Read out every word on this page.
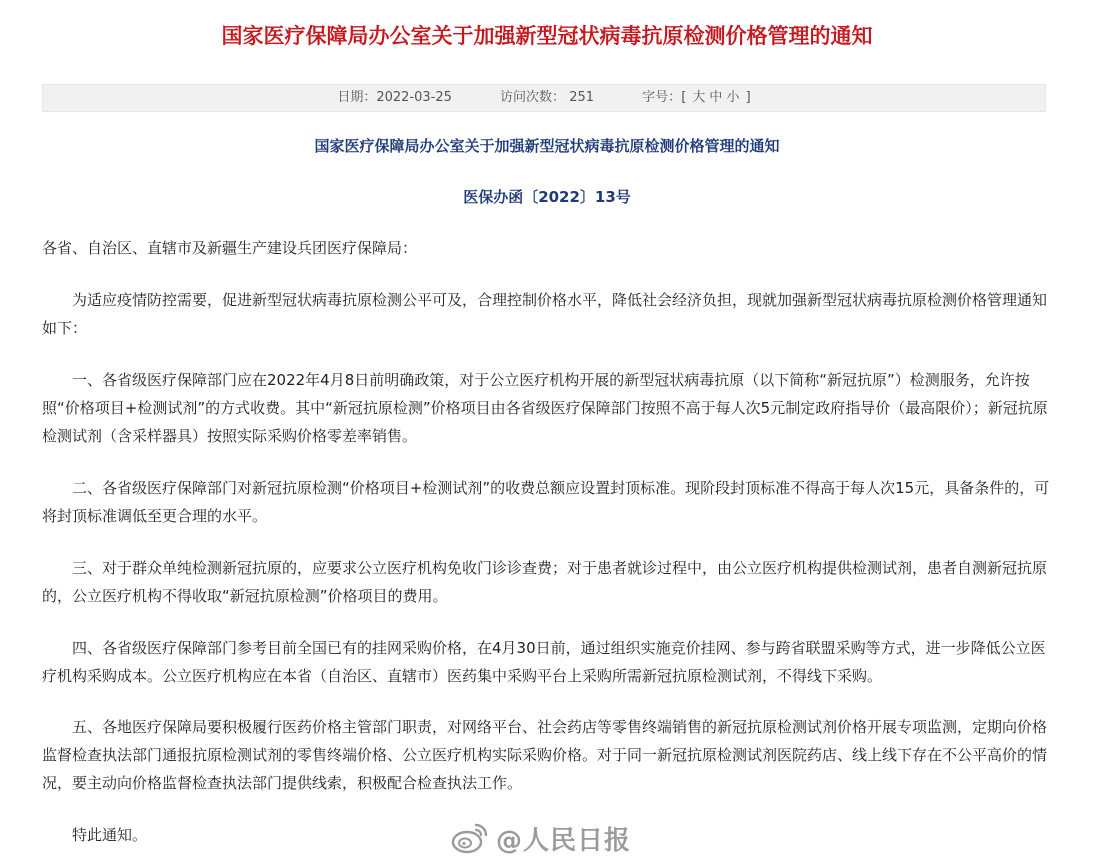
国家医疗保障局办公室关于加强新型冠状病毒抗原检测价格管理的通知
日期：2022-03-25	访问次数： 251	字号：[ 大 中 小 ]
国家医疗保障局办公室关于加强新型冠状病毒抗原检测价格管理的通知
医保办函〔2022〕13号

各省、自治区、直辖市及新疆生产建设兵团医疗保障局：

为适应疫情防控需要，促进新型冠状病毒抗原检测公平可及，合理控制价格水平，降低社会经济负担，现就加强新型冠状病毒抗原检测价格管理通知如下：

一、各省级医疗保障部门应在2022年4月8日前明确政策，对于公立医疗机构开展的新型冠状病毒抗原（以下简称“新冠抗原”）检测服务，允许按照“价格项目+检测试剂”的方式收费。其中“新冠抗原检测”价格项目由各省级医疗保障部门按照不高于每人次5元制定政府指导价（最高限价）；新冠抗原检测试剂（含采样器具）按照实际采购价格零差率销售。

二、各省级医疗保障部门对新冠抗原检测“价格项目+检测试剂”的收费总额应设置封顶标准。现阶段封顶标准不得高于每人次15元，具备条件的，可将封顶标准调低至更合理的水平。

三、对于群众单纯检测新冠抗原的，应要求公立医疗机构免收门诊诊查费；对于患者就诊过程中，由公立医疗机构提供检测试剂，患者自测新冠抗原的，公立医疗机构不得收取“新冠抗原检测”价格项目的费用。

四、各省级医疗保障部门参考目前全国已有的挂网采购价格，在4月30日前，通过组织实施竞价挂网、参与跨省联盟采购等方式，进一步降低公立医疗机构采购成本。公立医疗机构应在本省（自治区、直辖市）医药集中采购平台上采购所需新冠抗原检测试剂，不得线下采购。

五、各地医疗保障局要积极履行医药价格主管部门职责，对网络平台、社会药店等零售终端销售的新冠抗原检测试剂价格开展专项监测，定期向价格监督检查执法部门通报抗原检测试剂的零售终端价格、公立医疗机构实际采购价格。对于同一新冠抗原检测试剂医院药店、线上线下存在不公平高价的情况，要主动向价格监督检查执法部门提供线索，积极配合检查执法工作。

特此通知。	@人民日报
